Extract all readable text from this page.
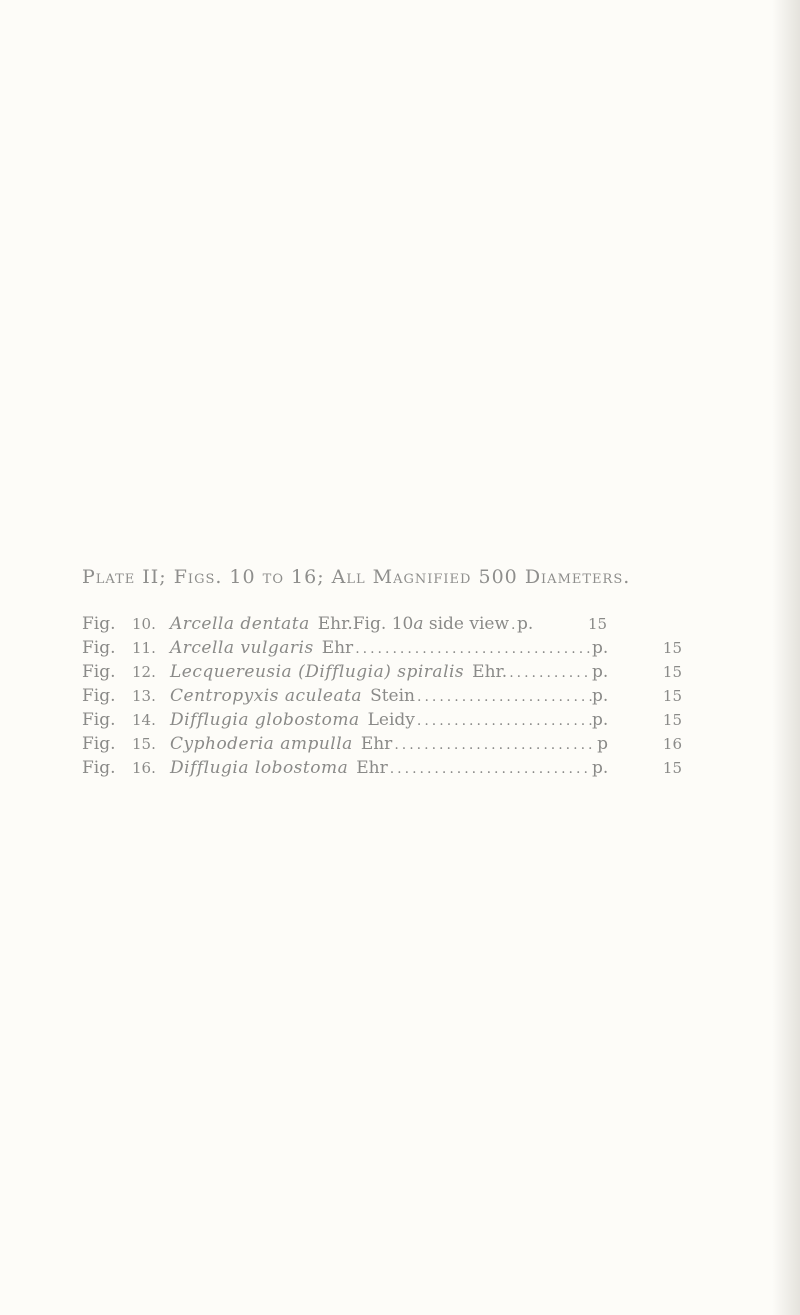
Plate II; Figs. 10 to 16; All Magnified 500 Diameters.
Fig.	10. Arcella dentata Ehr. Fig. 10a side view ..... p.	15
Fig.	11. Arcella vulgaris Ehr .....	p.	15
Fig.	12. Lecquereusia (Difflugia) spiralis Ehr. .....	p.	15
Fig.	13. Centropyxis aculeata Stein .....	p.	15
Fig.	14. Difflugia globostoma Leidy .....	p.	15
Fig.	15. Cyphoderia ampulla Ehr .....	p	16
Fig.	16. Difflugia lobostoma Ehr .....	p.	15
